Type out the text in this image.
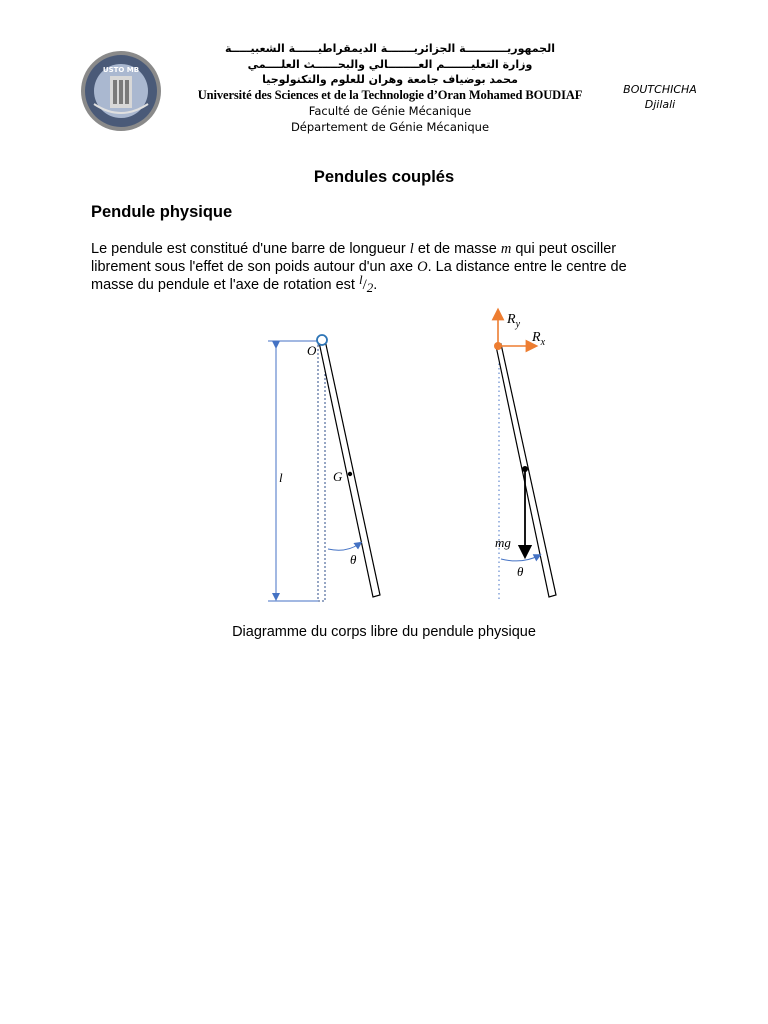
USTO MB
الجمهوريـــــــــــة الجزائريـــــــة الديمقراطيــــــة الشعبيـــــة
وزارة التعليـــــــم العــــــــالي والبحــــــث العلــــمي
محمد بوضياف جامعة وهران للعلوم والتكنولوجيا
Université des Sciences et de la Technologie d’Oran Mohamed BOUDIAF
Faculté de Génie Mécanique
Département de Génie Mécanique
BOUTCHICHA
Djilali
Pendules couplés
Pendule physique
Le pendule est constitué d'une barre de longueur l et de masse m qui peut osciller
librement sous l'effet de son poids autour d'un axe O. La distance entre le centre de
masse du pendule et l'axe de rotation est l/2.
O
l	G
θ
$R_y$
$R_x$
mg
θ
Diagramme du corps libre du pendule physique
